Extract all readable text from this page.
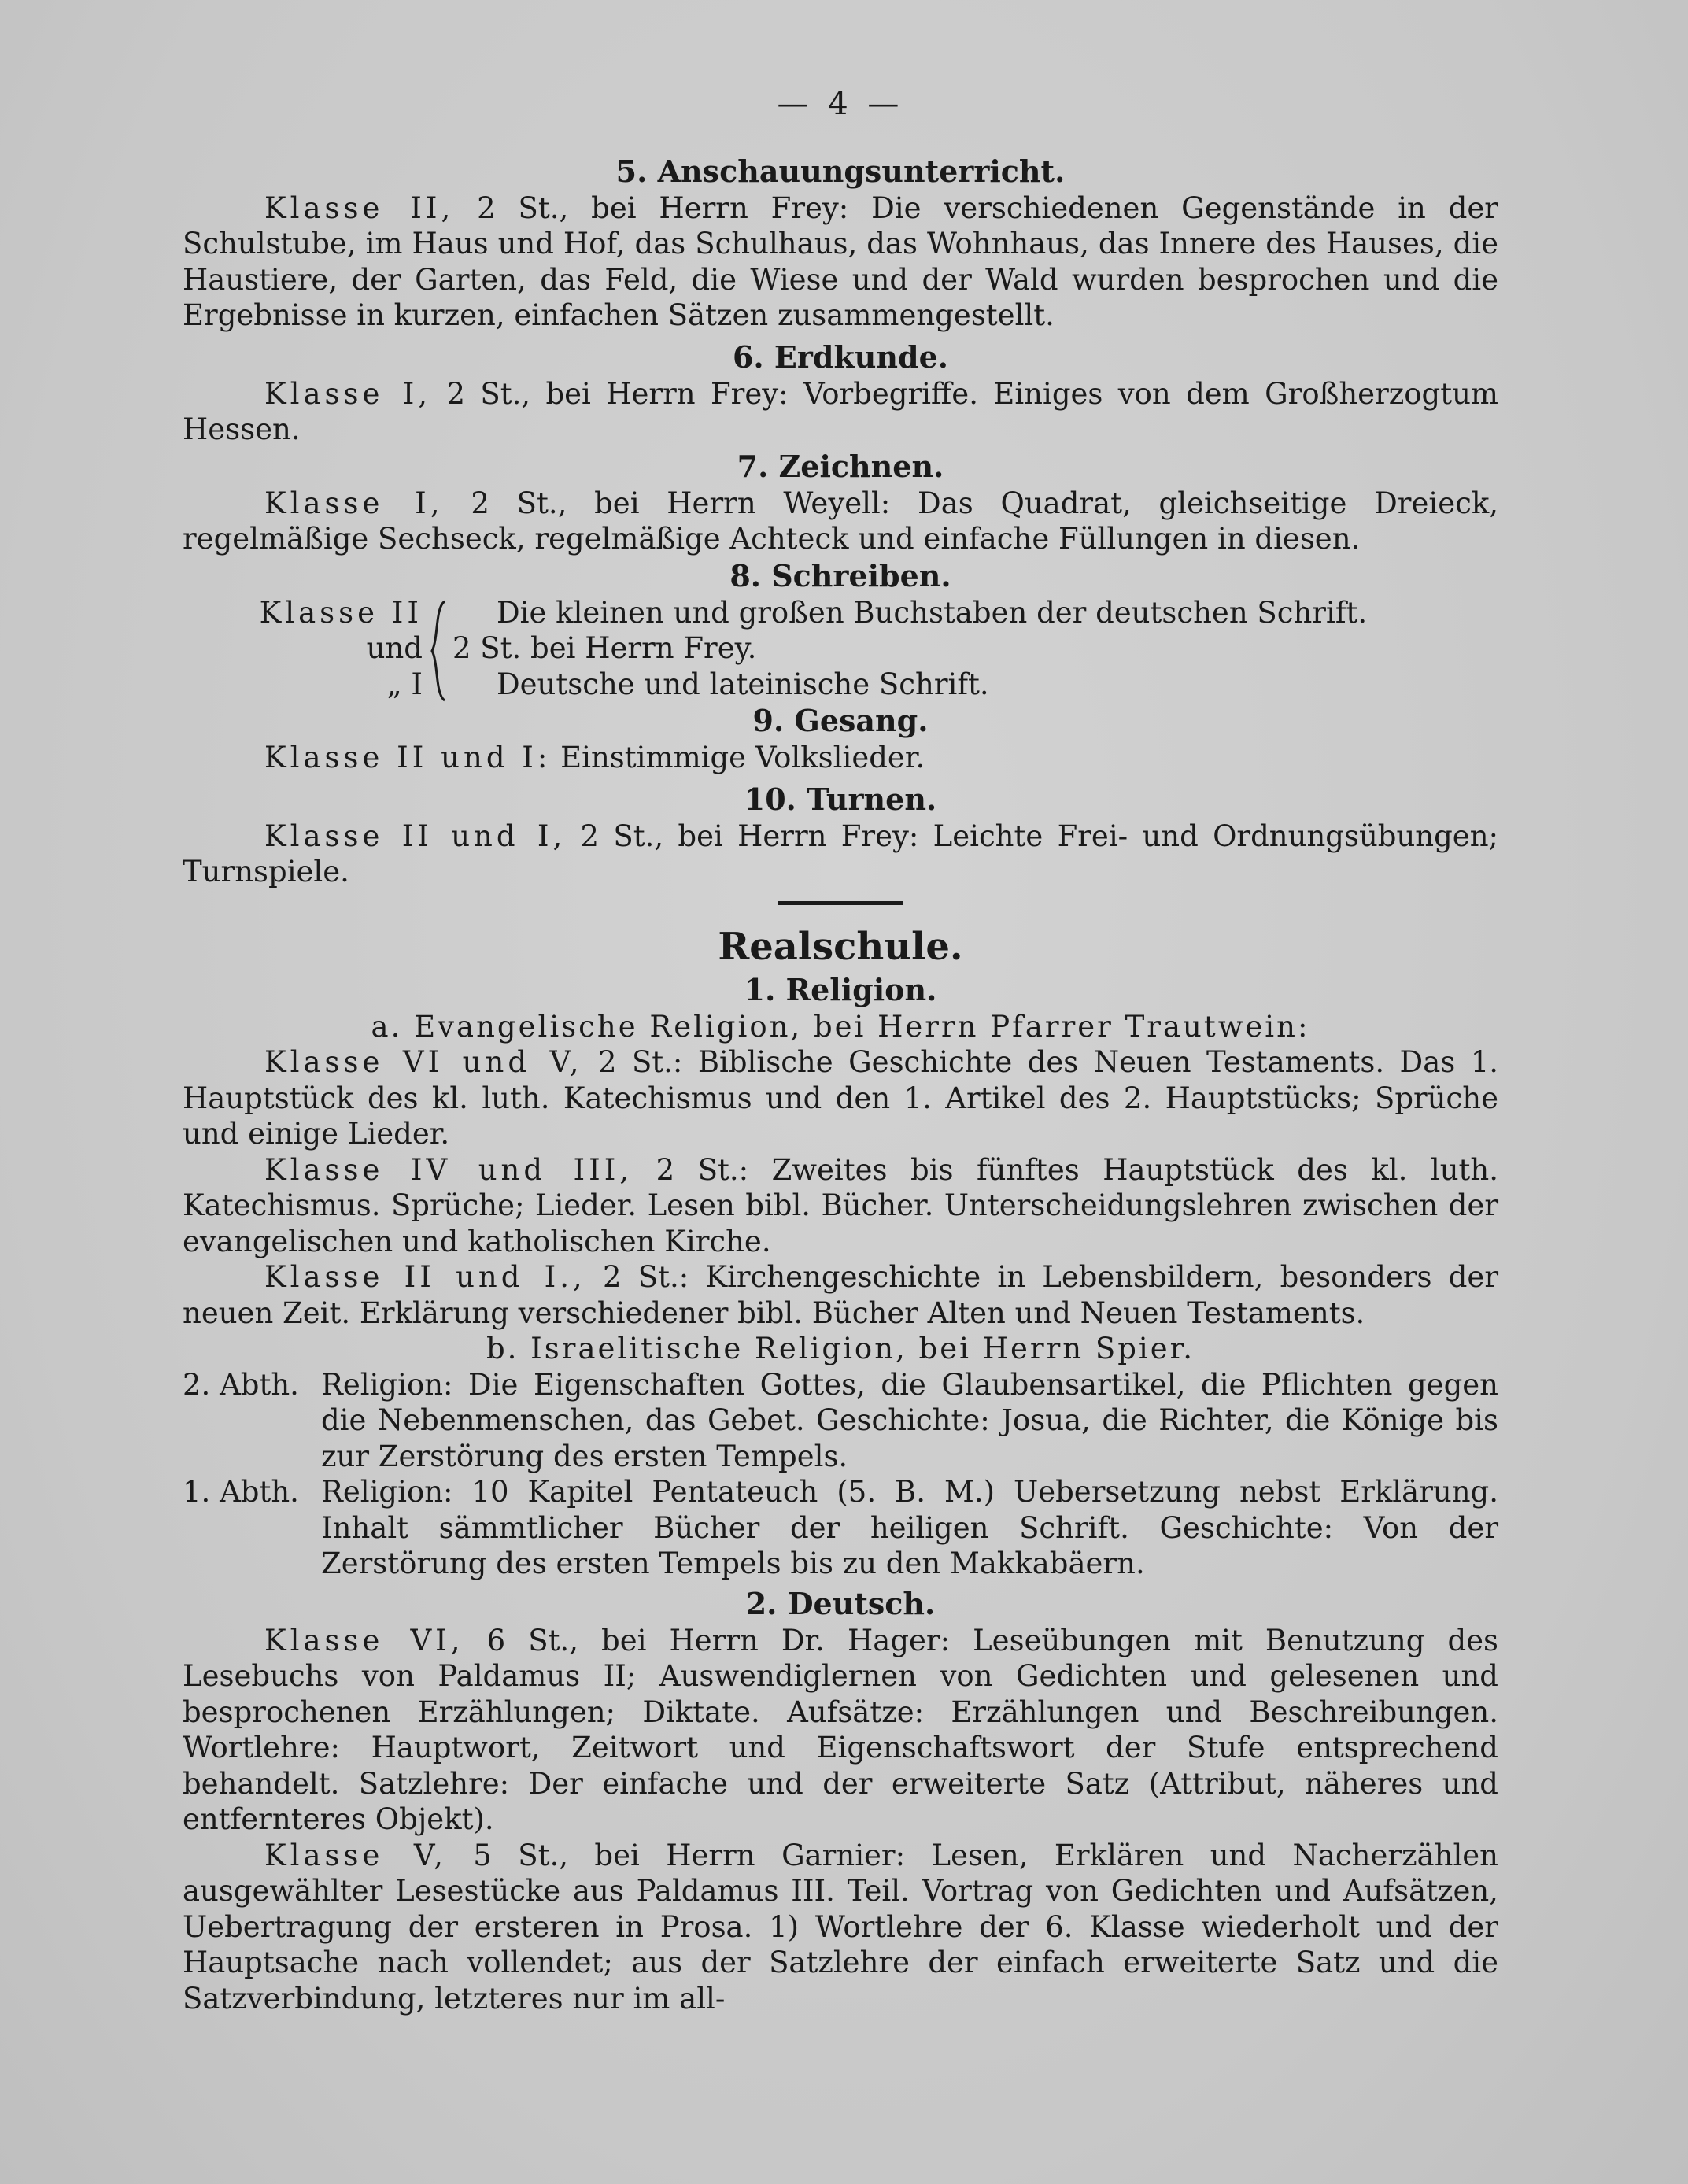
— 4 —
5. Anschauungsunterricht.

Klasse II, 2 St., bei Herrn Frey: Die verschiedenen Gegenstände in der Schulstube, im Haus und Hof, das Schulhaus, das Wohnhaus, das Innere des Hauses, die Haustiere, der Garten, das Feld, die Wiese und der Wald wurden besprochen und die Ergebnisse in kurzen, einfachen Sätzen zusammengestellt.

6. Erdkunde.

Klasse I, 2 St., bei Herrn Frey: Vorbegriffe. Einiges von dem Großherzogtum Hessen.

7. Zeichnen.

Klasse I, 2 St., bei Herrn Weyell: Das Quadrat, gleichseitige Dreieck, regelmäßige Sechseck, regelmäßige Achteck und einfache Füllungen in diesen.

8. Schreiben.
Klasse II
und
„ I
Die kleinen und großen Buchstaben der deutschen Schrift.
2 St. bei Herrn Frey.
Deutsche und lateinische Schrift.
9. Gesang.

Klasse II und I: Einstimmige Volkslieder.

10. Turnen.

Klasse II und I, 2 St., bei Herrn Frey: Leichte Frei- und Ordnungsübungen; Turnspiele.

Realschule.
1. Religion.

a. Evangelische Religion, bei Herrn Pfarrer Trautwein:

Klasse VI und V, 2 St.: Biblische Geschichte des Neuen Testaments. Das 1. Hauptstück des kl. luth. Katechismus und den 1. Artikel des 2. Hauptstücks; Sprüche und einige Lieder.

Klasse IV und III, 2 St.: Zweites bis fünftes Hauptstück des kl. luth. Katechismus. Sprüche; Lieder. Lesen bibl. Bücher. Unterscheidungslehren zwischen der evangelischen und katholischen Kirche.

Klasse II und I., 2 St.: Kirchengeschichte in Lebensbildern, besonders der neuen Zeit. Erklärung verschiedener bibl. Bücher Alten und Neuen Testaments.

b. Israelitische Religion, bei Herrn Spier.

2. Abth. Religion: Die Eigenschaften Gottes, die Glaubensartikel, die Pflichten gegen die Nebenmenschen, das Gebet. Geschichte: Josua, die Richter, die Könige bis zur Zerstörung des ersten Tempels.
1. Abth. Religion: 10 Kapitel Pentateuch (5. B. M.) Uebersetzung nebst Erklärung. Inhalt sämmtlicher Bücher der heiligen Schrift. Geschichte: Von der Zerstörung des ersten Tempels bis zu den Makkabäern.
2. Deutsch.

Klasse VI, 6 St., bei Herrn Dr. Hager: Leseübungen mit Benutzung des Lesebuchs von Paldamus II; Auswendiglernen von Gedichten und gelesenen und besprochenen Erzählungen; Diktate. Aufsätze: Erzählungen und Beschreibungen. Wortlehre: Hauptwort, Zeitwort und Eigenschaftswort der Stufe entsprechend behandelt. Satzlehre: Der einfache und der erweiterte Satz (Attribut, näheres und entfernteres Objekt).

Klasse V, 5 St., bei Herrn Garnier: Lesen, Erklären und Nacherzählen ausgewählter Lesestücke aus Paldamus III. Teil. Vortrag von Gedichten und Aufsätzen, Uebertragung der ersteren in Prosa. 1) Wortlehre der 6. Klasse wiederholt und der Hauptsache nach vollendet; aus der Satzlehre der einfach erweiterte Satz und die Satzverbindung, letzteres nur im all-
